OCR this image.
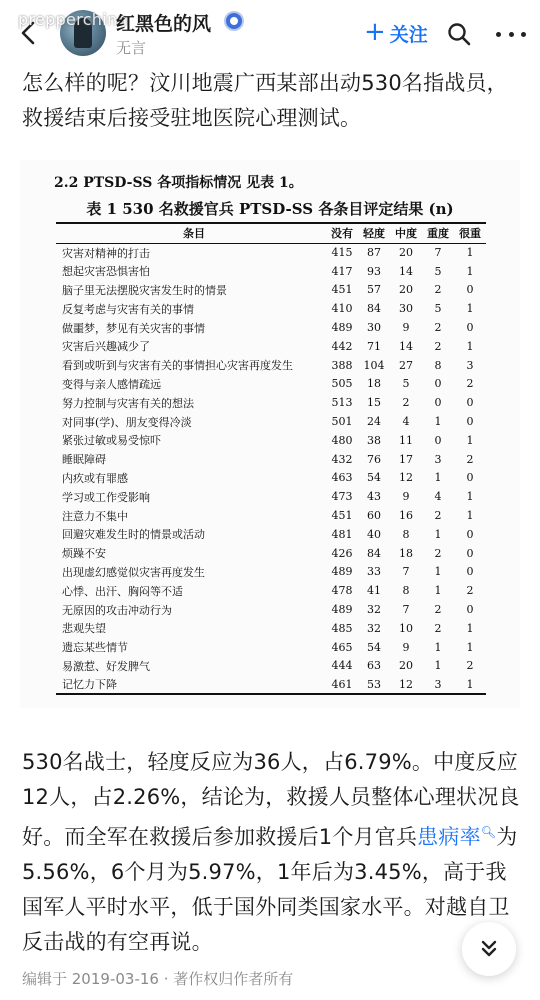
prepperchina
红黑色的风
无言
+ 关注
怎么样的呢？汶川地震广西某部出动530名指战员，救援结束后接受驻地医院心理测试。
2.2 PTSD-SS 各项指标情况 见表 1。
表 1 530 名救援官兵 PTSD-SS 各条目评定结果 (n)
条目	没有	轻度	中度	重度	很重
灾害对精神的打击	415	87	20	7	1
想起灾害恐惧害怕	417	93	14	5	1
脑子里无法摆脱灾害发生时的情景	451	57	20	2	0
反复考虑与灾害有关的事情	410	84	30	5	1
做噩梦，梦见有关灾害的事情	489	30	9	2	0
灾害后兴趣减少了	442	71	14	2	1
看到或听到与灾害有关的事情担心灾害再度发生	388	104	27	8	3
变得与亲人感情疏远	505	18	5	0	2
努力控制与灾害有关的想法	513	15	2	0	0
对同事(学)、朋友变得冷淡	501	24	4	1	0
紧张过敏或易受惊吓	480	38	11	0	1
睡眠障碍	432	76	17	3	2
内疚或有罪感	463	54	12	1	0
学习或工作受影响	473	43	9	4	1
注意力不集中	451	60	16	2	1
回避灾难发生时的情景或活动	481	40	8	1	0
烦躁不安	426	84	18	2	0
出现虚幻感觉似灾害再度发生	489	33	7	1	0
心悸、出汗、胸闷等不适	478	41	8	1	2
无原因的攻击冲动行为	489	32	7	2	0
悲观失望	485	32	10	2	1
遗忘某些情节	465	54	9	1	1
易激惹、好发脾气	444	63	20	1	2
记忆力下降	461	53	12	3	1
530名战士，轻度反应为36人，占6.79%。中度反应12人，占2.26%，结论为，救援人员整体心理状况良好。而全军在救援后参加救援后1个月官兵患病率🔍︎为5.56%，6个月为5.97%，1年后为3.45%，高于我国军人平时水平，低于国外同类国家水平。对越自卫反击战的有空再说。
编辑于 2019-03-16 · 著作权归作者所有
